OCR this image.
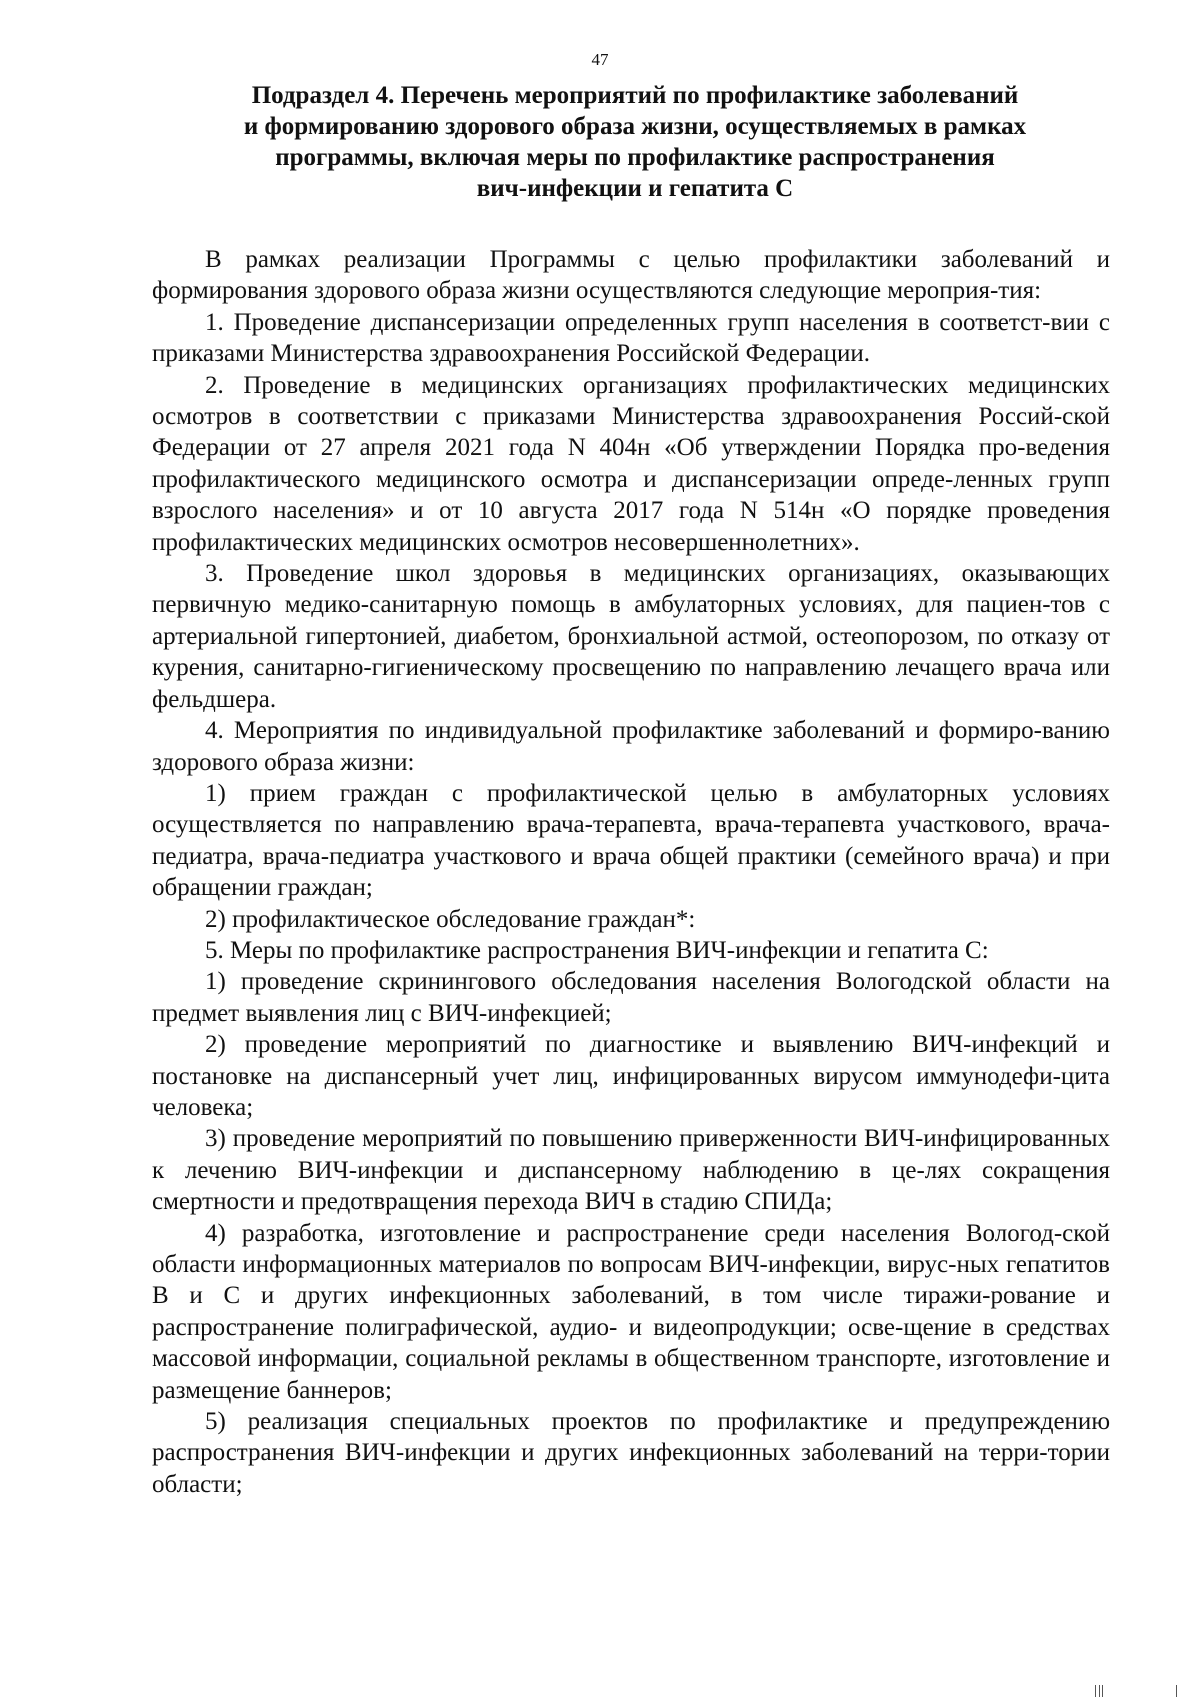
47
Подраздел 4. Перечень мероприятий по профилактике заболеваний
и формированию здорового образа жизни, осуществляемых в рамках
программы, включая меры по профилактике распространения
вич-инфекции и гепатита С

В рамках реализации Программы с целью профилактики заболеваний и формирования здорового образа жизни осуществляются следующие мероприя-тия:

1. Проведение диспансеризации определенных групп населения в соответст-вии с приказами Министерства здравоохранения Российской Федерации.

2. Проведение в медицинских организациях профилактических медицинских осмотров в соответствии с приказами Министерства здравоохранения Россий-ской Федерации от 27 апреля 2021 года N 404н «Об утверждении Порядка про-ведения профилактического медицинского осмотра и диспансеризации опреде-ленных групп взрослого населения» и от 10 августа 2017 года N 514н «О порядке проведения профилактических медицинских осмотров несовершеннолетних».

3. Проведение школ здоровья в медицинских организациях, оказывающих первичную медико-санитарную помощь в амбулаторных условиях, для пациен-тов с артериальной гипертонией, диабетом, бронхиальной астмой, остеопорозом, по отказу от курения, санитарно-гигиеническому просвещению по направлению лечащего врача или фельдшера.

4. Мероприятия по индивидуальной профилактике заболеваний и формиро-ванию здорового образа жизни:

1) прием граждан с профилактической целью в амбулаторных условиях осуществляется по направлению врача-терапевта, врача-терапевта участкового, врача-педиатра, врача-педиатра участкового и врача общей практики (семейного врача) и при обращении граждан;

2) профилактическое обследование граждан*:

5. Меры по профилактике распространения ВИЧ-инфекции и гепатита С:

1) проведение скринингового обследования населения Вологодской области на предмет выявления лиц с ВИЧ-инфекцией;

2) проведение мероприятий по диагностике и выявлению ВИЧ-инфекций и постановке на диспансерный учет лиц, инфицированных вирусом иммунодефи-цита человека;

3) проведение мероприятий по повышению приверженности ВИЧ-инфицированных к лечению ВИЧ-инфекции и диспансерному наблюдению в це-лях сокращения смертности и предотвращения перехода ВИЧ в стадию СПИДа;

4) разработка, изготовление и распространение среди населения Вологод-ской области информационных материалов по вопросам ВИЧ-инфекции, вирус-ных гепатитов В и С и других инфекционных заболеваний, в том числе тиражи-рование и распространение полиграфической, аудио- и видеопродукции; осве-щение в средствах массовой информации, социальной рекламы в общественном транспорте, изготовление и размещение баннеров;

5) реализация специальных проектов по профилактике и предупреждению распространения ВИЧ-инфекции и других инфекционных заболеваний на терри-тории области;
